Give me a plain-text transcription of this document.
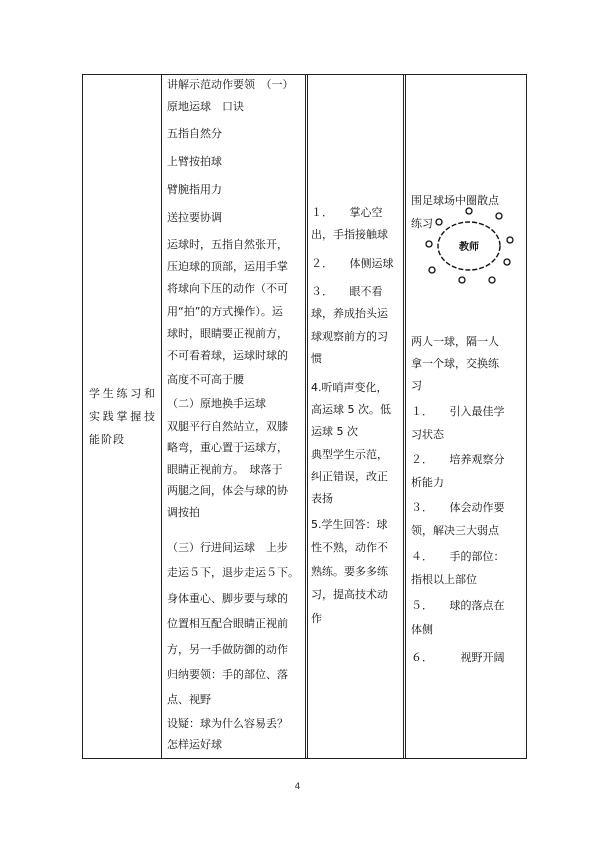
学生练习和实践掌握技能阶段

讲解示范动作要领　（一）

原地运球　口诀

五指自然分

上臂按拍球

臂腕指用力

送拉要协调

运球时，五指自然张开，

压迫球的顶部，运用手掌

将球向下压的动作（不可

用“拍”的方式操作）。运

球时，眼睛要正视前方，

不可看着球，运球时球的

高度不可高于腰

（二）原地换手运球

双腿平行自然站立，双膝

略弯，重心置于运球方，

眼睛正视前方。　球落于

两腿之间，体会与球的协

调按拍

（三）行进间运球　上步

走运５下，退步走运５下。

身体重心、脚步要与球的

位置相互配合眼睛正视前

方，另一手做防御的动作

归纳要领：手的部位、落

点、视野

设疑：球为什么容易丢？

怎样运好球

１．　　掌心空

出，手指接触球

２．　　体侧运球

３．　　眼不看

球，养成抬头运

球观察前方的习

惯

4.听哨声变化，

高运球 5 次。低

运球 5 次

典型学生示范，

纠正错误，改正

表扬

5.学生回答：球

性不熟，动作不

熟练。要多多练

习，提高技术动

作

围足球场中圈散点

练习

教师

两人一球，隔一人

拿一个球，交换练

习

１．　　引入最佳学

习状态

２．　　培养观察分

析能力

３．　　体会动作要

领，解决三大弱点

４．　　手的部位：

指根以上部位

５．　　球的落点在

体侧

６．　　　视野开阔

4
